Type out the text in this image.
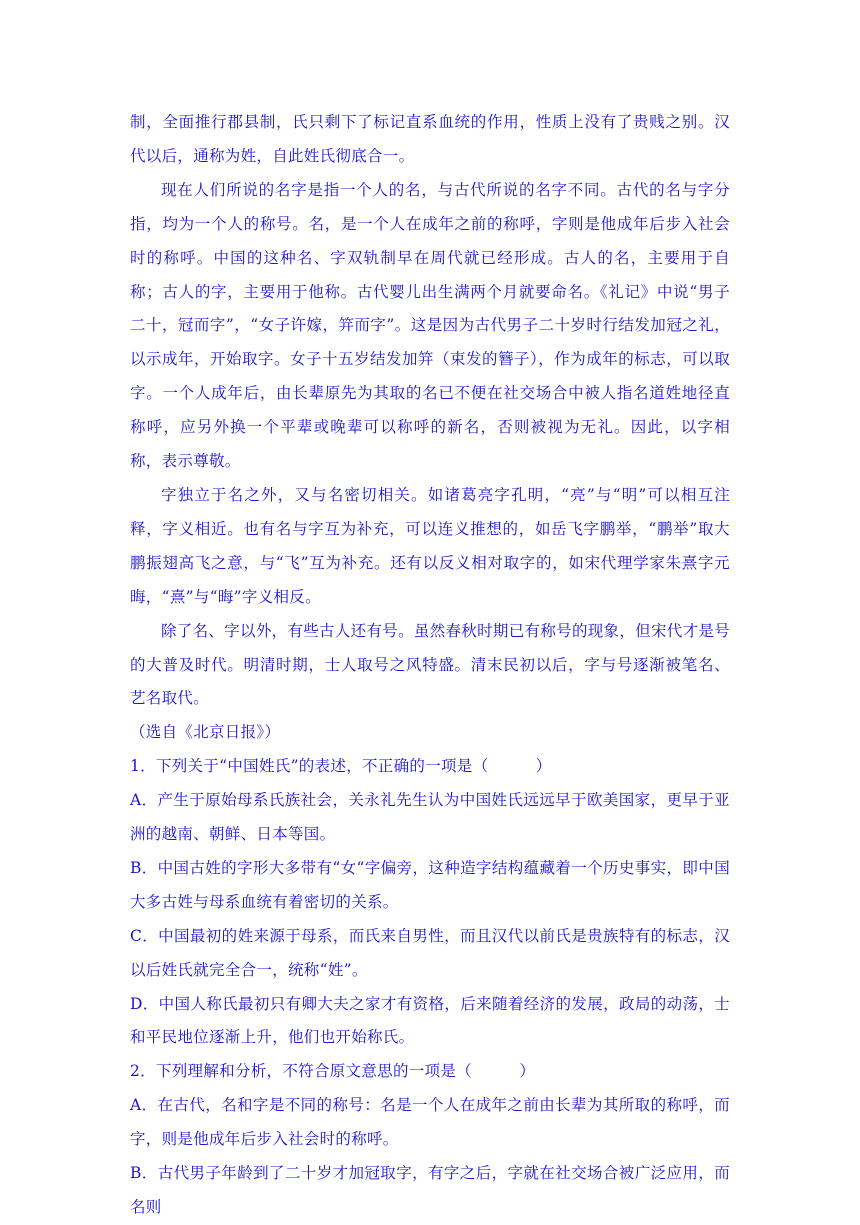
制，全面推行郡县制，氏只剩下了标记直系血统的作用，性质上没有了贵贱之别。汉代以后，通称为姓，自此姓氏彻底合一。

现在人们所说的名字是指一个人的名，与古代所说的名字不同。古代的名与字分指，均为一个人的称号。名，是一个人在成年之前的称呼，字则是他成年后步入社会时的称呼。中国的这种名、字双轨制早在周代就已经形成。古人的名，主要用于自称；古人的字，主要用于他称。古代婴儿出生满两个月就要命名。《礼记》中说“男子二十，冠而字”，“女子许嫁，笄而字”。这是因为古代男子二十岁时行结发加冠之礼，以示成年，开始取字。女子十五岁结发加笄（束发的簪子），作为成年的标志，可以取字。一个人成年后，由长辈原先为其取的名已不便在社交场合中被人指名道姓地径直称呼，应另外换一个平辈或晚辈可以称呼的新名，否则被视为无礼。因此，以字相称，表示尊敬。

字独立于名之外，又与名密切相关。如诸葛亮字孔明，“亮”与“明”可以相互注释，字义相近。也有名与字互为补充，可以连义推想的，如岳飞字鹏举，“鹏举”取大鹏振翅高飞之意，与“飞”互为补充。还有以反义相对取字的，如宋代理学家朱熹字元晦，“熹”与“晦”字义相反。

除了名、字以外，有些古人还有号。虽然春秋时期已有称号的现象，但宋代才是号的大普及时代。明清时期，士人取号之风特盛。清末民初以后，字与号逐渐被笔名、艺名取代。

（选自《北京日报》）

1．下列关于“中国姓氏”的表述，不正确的一项是（　　　）

A．产生于原始母系氏族社会，关永礼先生认为中国姓氏远远早于欧美国家，更早于亚洲的越南、朝鲜、日本等国。

B．中国古姓的字形大多带有“女“字偏旁，这种造字结构蕴藏着一个历史事实，即中国大多古姓与母系血统有着密切的关系。

C．中国最初的姓来源于母系，而氏来自男性，而且汉代以前氏是贵族特有的标志，汉以后姓氏就完全合一，统称“姓”。

D．中国人称氏最初只有卿大夫之家才有资格，后来随着经济的发展，政局的动荡，士和平民地位逐渐上升，他们也开始称氏。

2．下列理解和分析，不符合原文意思的一项是（　　　）

A．在古代，名和字是不同的称号：名是一个人在成年之前由长辈为其所取的称呼，而字，则是他成年后步入社会时的称呼。

B．古代男子年龄到了二十岁才加冠取字，有字之后，字就在社交场合被广泛应用，而名则
